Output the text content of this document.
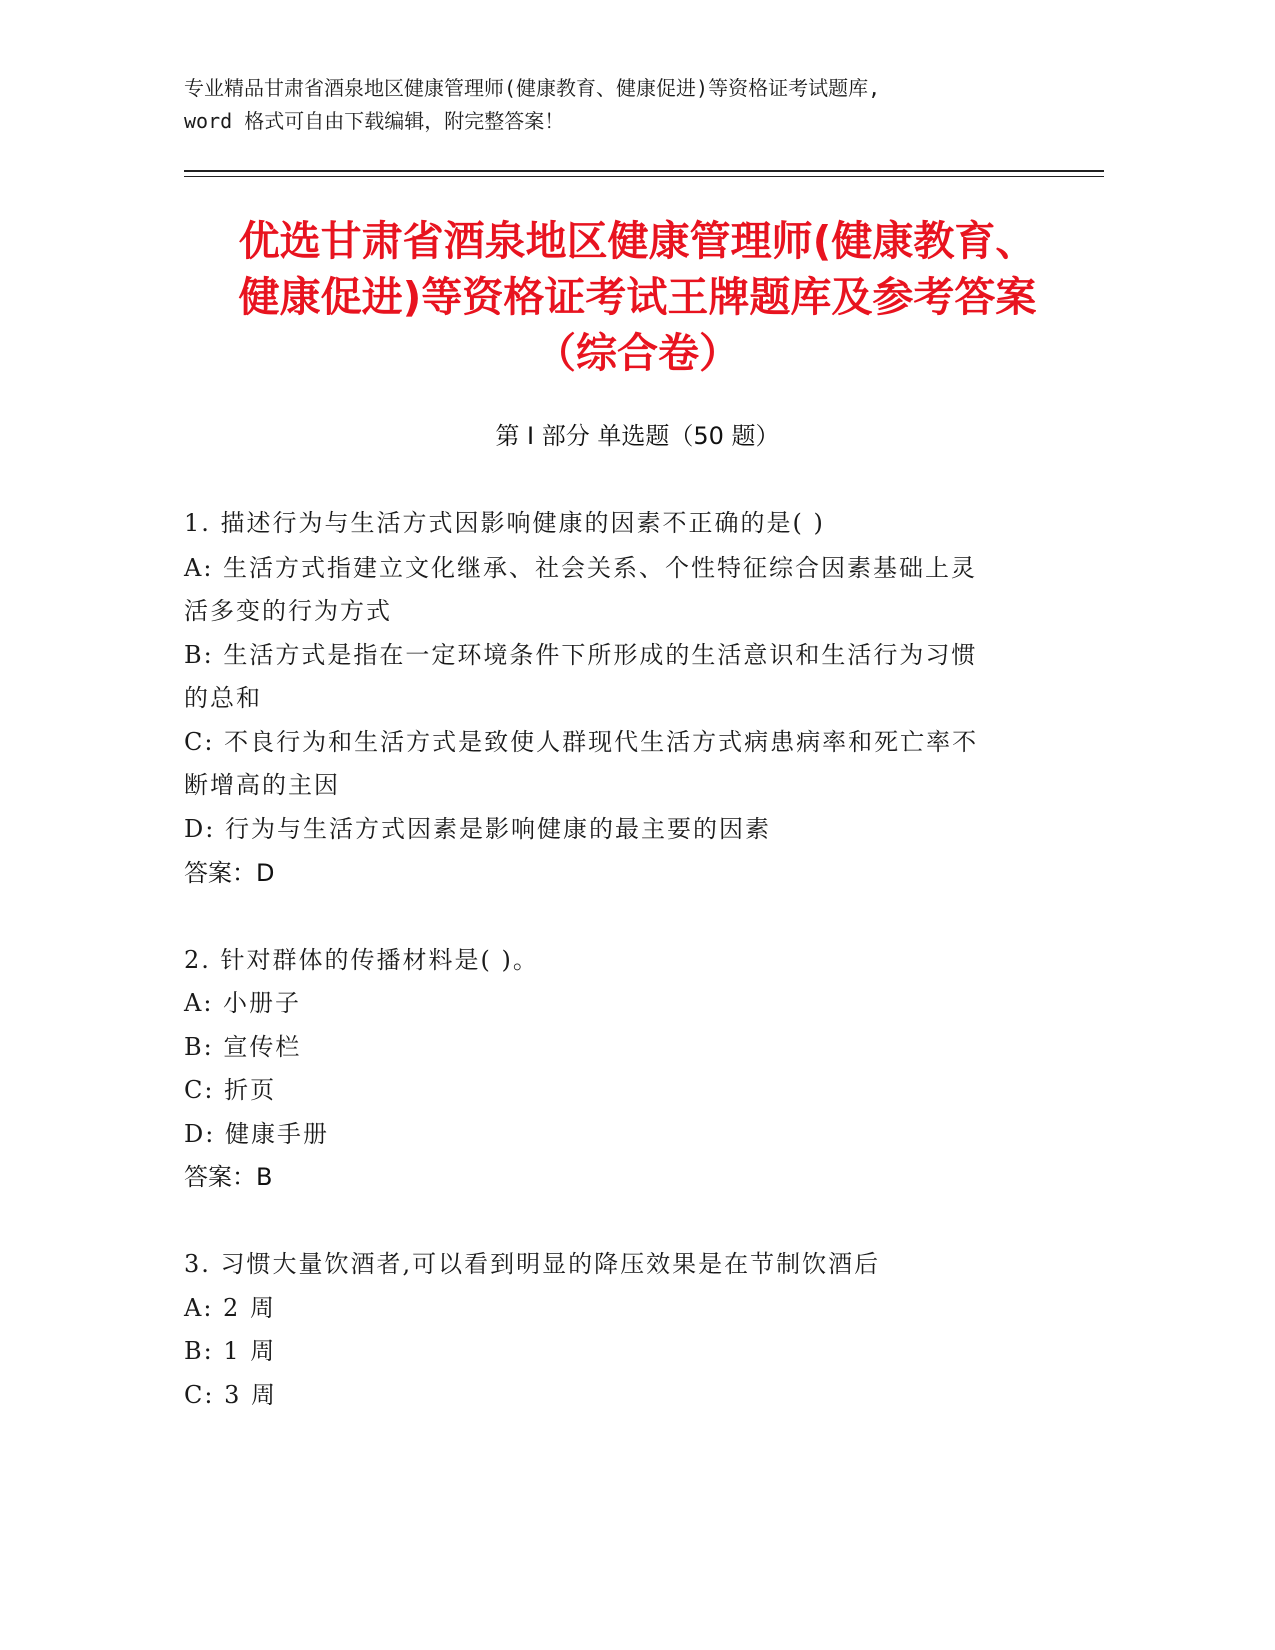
专业精品甘肃省酒泉地区健康管理师(健康教育、健康促进)等资格证考试题库,
word 格式可自由下载编辑，附完整答案！
优选甘肃省酒泉地区健康管理师(健康教育、
健康促进)等资格证考试王牌题库及参考答案
（综合卷）
第 I 部分 单选题（50 题）
1. 描述行为与生活方式因影响健康的因素不正确的是( )
A: 生活方式指建立文化继承、社会关系、个性特征综合因素基础上灵
活多变的行为方式
B: 生活方式是指在一定环境条件下所形成的生活意识和生活行为习惯
的总和
C: 不良行为和生活方式是致使人群现代生活方式病患病率和死亡率不
断增高的主因
D: 行为与生活方式因素是影响健康的最主要的因素
答案：D
2. 针对群体的传播材料是( )。
A: 小册子
B: 宣传栏
C: 折页
D: 健康手册
答案：B
3. 习惯大量饮酒者,可以看到明显的降压效果是在节制饮酒后
A: 2 周
B: 1 周
C: 3 周
